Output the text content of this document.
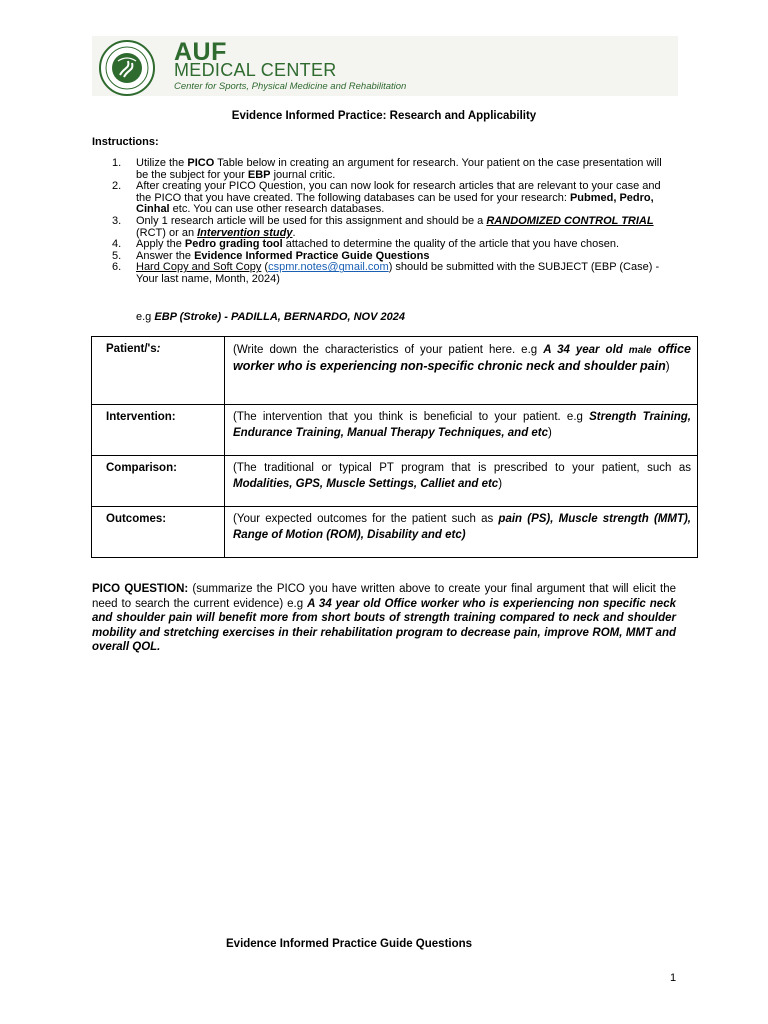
AUF
MEDICAL CENTER
Center for Sports, Physical Medicine and Rehabilitation
Evidence Informed Practice: Research and Applicability
Instructions:
1. Utilize the PICO Table below in creating an argument for research. Your patient on the case presentation will be the subject for your EBP journal critic.
2. After creating your PICO Question, you can now look for research articles that are relevant to your case and the PICO that you have created. The following databases can be used for your research: Pubmed, Pedro, Cinhal etc. You can use other research databases.
3. Only 1 research article will be used for this assignment and should be a RANDOMIZED CONTROL TRIAL (RCT) or an Intervention study.
4. Apply the Pedro grading tool attached to determine the quality of the article that you have chosen.
5. Answer the Evidence Informed Practice Guide Questions
6. Hard Copy and Soft Copy (cspmr.notes@gmail.com) should be submitted with the SUBJECT (EBP (Case) - Your last name, Month, 2024)
e.g EBP (Stroke) - PADILLA, BERNARDO, NOV 2024
Patient/'s:	(Write down the characteristics of your patient here. e.g A 34 year old male office worker who is experiencing non-specific chronic neck and shoulder pain)
Intervention:	(The intervention that you think is beneficial to your patient. e.g Strength Training, Endurance Training, Manual Therapy Techniques, and etc)
Comparison:	(The traditional or typical PT program that is prescribed to your patient, such as Modalities, GPS, Muscle Settings, Calliet and etc)
Outcomes:	(Your expected outcomes for the patient such as pain (PS), Muscle strength (MMT), Range of Motion (ROM), Disability and etc)
PICO QUESTION: (summarize the PICO you have written above to create your final argument that will elicit the need to search the current evidence) e.g A 34 year old Office worker who is experiencing non specific neck and shoulder pain will benefit more from short bouts of strength training compared to neck and shoulder mobility and stretching exercises in their rehabilitation program to decrease pain, improve ROM, MMT and overall QOL.
Evidence Informed Practice Guide Questions
1
